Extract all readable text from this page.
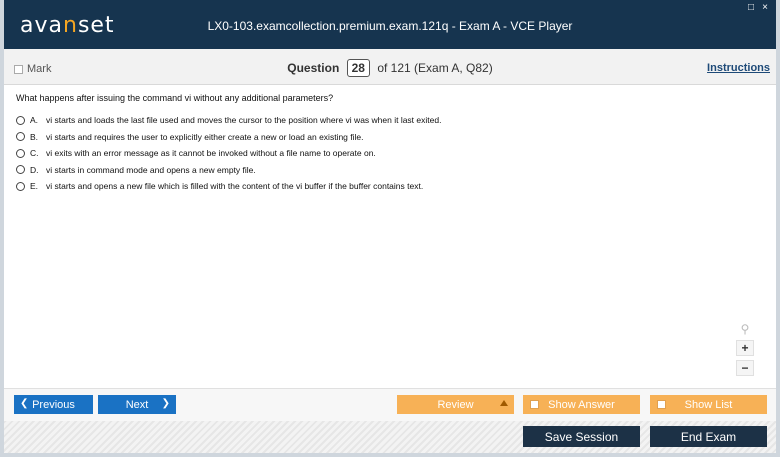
avanset	LX0-103.examcollection.premium.exam.121q - Exam A - VCE Player
□ ×
Mark	Question 28 of 121 (Exam A, Q82)	Instructions
What happens after issuing the command vi without any additional parameters?
A. vi starts and loads the last file used and moves the cursor to the position where vi was when it last exited.
B. vi starts and requires the user to explicitly either create a new or load an existing file.
C. vi exits with an error message as it cannot be invoked without a file name to operate on.
D. vi starts in command mode and opens a new empty file.
E. vi starts and opens a new file which is filled with the content of the vi buffer if the buffer contains text.
⚲
+
−
❮ Previous	Next ❯	Review	Show Answer	Show List
Save Session	End Exam
